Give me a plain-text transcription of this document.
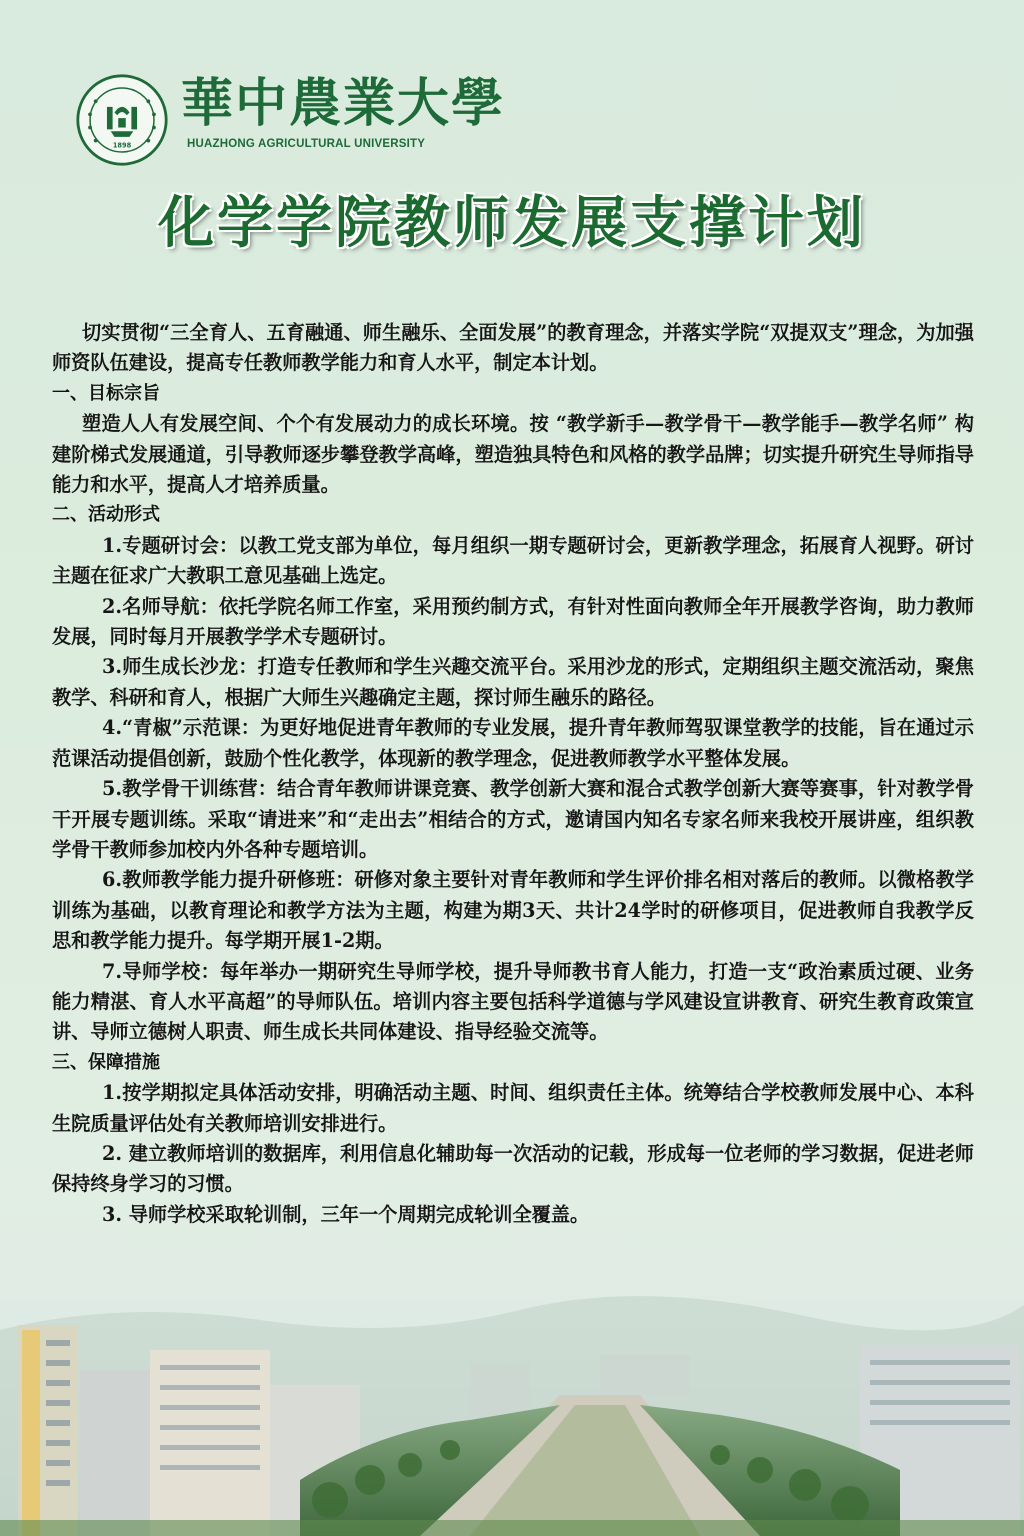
1898
華中農業大學
HUAZHONG AGRICULTURAL UNIVERSITY
化学学院教师发展支撑计划

切实贯彻“三全育人、五育融通、师生融乐、全面发展”的教育理念，并落实学院“双提双支”理念，为加强师资队伍建设，提高专任教师教学能力和育人水平，制定本计划。

一、目标宗旨

塑造人人有发展空间、个个有发展动力的成长环境。按 “教学新手—教学骨干—教学能手—教学名师” 构建阶梯式发展通道，引导教师逐步攀登教学高峰，塑造独具特色和风格的教学品牌；切实提升研究生导师指导能力和水平，提高人才培养质量。

二、活动形式

1.专题研讨会：以教工党支部为单位，每月组织一期专题研讨会，更新教学理念，拓展育人视野。研讨主题在征求广大教职工意见基础上选定。

2.名师导航：依托学院名师工作室，采用预约制方式，有针对性面向教师全年开展教学咨询，助力教师发展，同时每月开展教学学术专题研讨。

3.师生成长沙龙：打造专任教师和学生兴趣交流平台。采用沙龙的形式，定期组织主题交流活动，聚焦教学、科研和育人，根据广大师生兴趣确定主题，探讨师生融乐的路径。

4.“青椒”示范课：为更好地促进青年教师的专业发展，提升青年教师驾驭课堂教学的技能，旨在通过示范课活动提倡创新，鼓励个性化教学，体现新的教学理念，促进教师教学水平整体发展。

5.教学骨干训练营：结合青年教师讲课竞赛、教学创新大赛和混合式教学创新大赛等赛事，针对教学骨干开展专题训练。采取“请进来”和“走出去”相结合的方式，邀请国内知名专家名师来我校开展讲座，组织教学骨干教师参加校内外各种专题培训。

6.教师教学能力提升研修班：研修对象主要针对青年教师和学生评价排名相对落后的教师。以微格教学训练为基础，以教育理论和教学方法为主题，构建为期3天、共计24学时的研修项目，促进教师自我教学反思和教学能力提升。每学期开展1-2期。

7.导师学校：每年举办一期研究生导师学校，提升导师教书育人能力，打造一支“政治素质过硬、业务能力精湛、育人水平高超”的导师队伍。培训内容主要包括科学道德与学风建设宣讲教育、研究生教育政策宣讲、导师立德树人职责、师生成长共同体建设、指导经验交流等。

三、保障措施

1.按学期拟定具体活动安排，明确活动主题、时间、组织责任主体。统筹结合学校教师发展中心、本科生院质量评估处有关教师培训安排进行。

2. 建立教师培训的数据库，利用信息化辅助每一次活动的记载，形成每一位老师的学习数据，促进老师保持终身学习的习惯。

3. 导师学校采取轮训制，三年一个周期完成轮训全覆盖。
